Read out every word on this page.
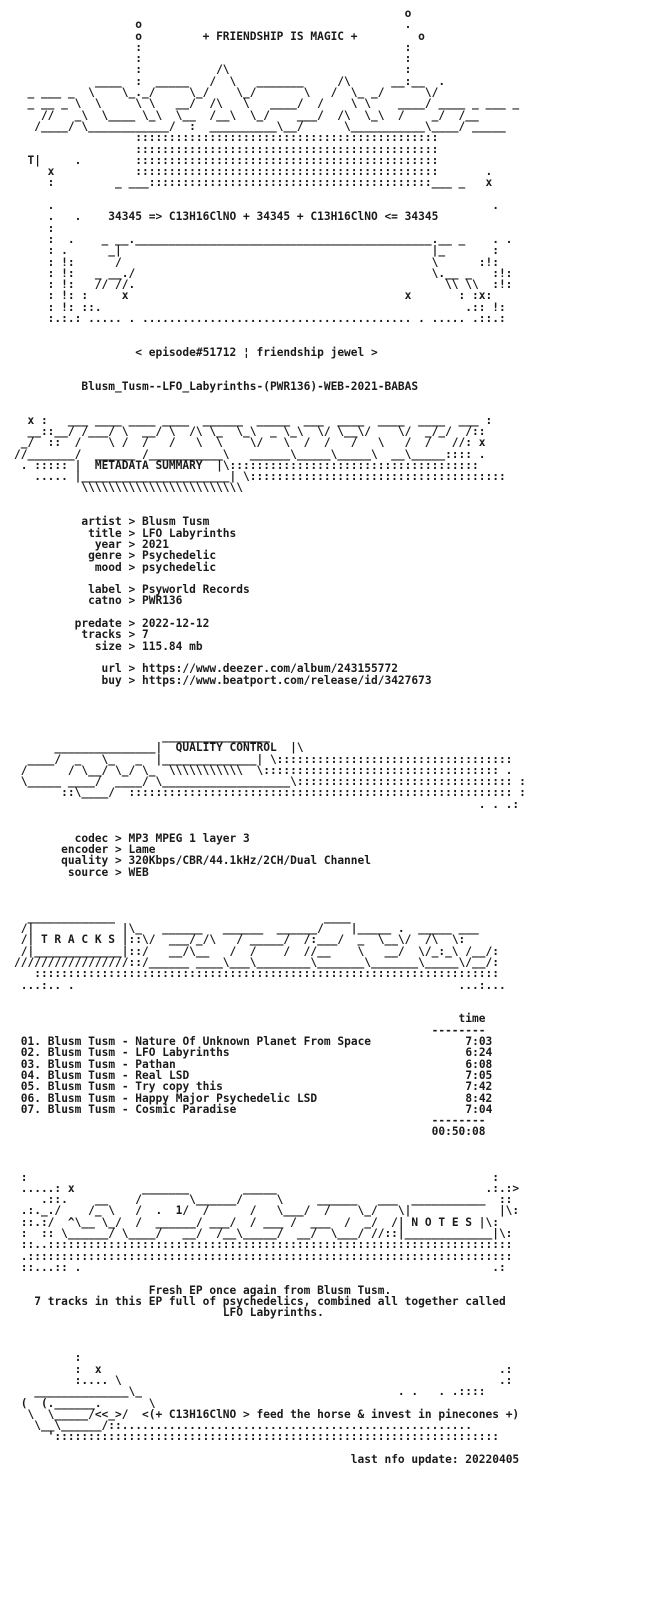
o
o                                       .
o         + FRIENDSHIP IS MAGIC +         o
:                                       :
:                                       :
:           /\                          :
____  :  _____   /  \   _______     /\      __:__  .
_ ___ _  \    \_._/     \_/    \_/       \   /  \_ _/      \/
_ __ _ \  \     \ \   __/  /\   \   ____/  /    \ \    ____/ ____ _ ___ _
//   _\  \____ \_\  \__  /__\  \_/    ___/  /\  \_\  /    _/  /__
/____/ \____________/  :  __________\__/      \___________\____/ _____
:::::::::::::::::::::::::::::::::::::::::::::
:::::::::::::::::::::::::::::::::::::::::::::
T|     .        :::::::::::::::::::::::::::::::::::::::::::::
x            :::::::::::::::::::::::::::::::::::::::::::::       .
:         _ ___::::::::::::::::::::::::::::::::::::::::::___ _   x

.                                                                 .
.   .    34345 => C13H16ClNO + 34345 + C13H16ClNO <= 34345
:
:  .    _ __.____________________________________________.__ _    . .
: .      _|                                              |_       :
: !:      /                                              \      :!:
: !:   _ __./                                            \.__ _   :!:
: !:   // //.                                              \\ \\  :!:
: !: :     x                                         x       : :x:
: !: ::.                                                      .:: !:
:.:.: ..... . ........................................ . ..... .::.:

< episode#51712 ¦ friendship jewel >

Blusm_Tusm--LFO_Labyrinths-(PWR136)-WEB-2021-BABAS

x :   ___ ____ ____ ____  ______  _____  ___  ____  ____  ____  ___ :
__::__/ /___/ \  __/ \  /\ \_  \_\  _ \_\  \/ \__\/    \/  _/_/  /::
_/  ::  /    \ /  /   /   \  \    \/   \  /  /   /   \   /  /   //: x
//_______/  ______ /___________\   ______\_____\_____\  __\_____:::: .
. ::::: |  METADATA SUMMARY  |\:::::::::::::::::::::::::::::::::::::
..... |______________________| \::::::::::::::::::::::::::::::::::::::
\\\\\\\\\\\\\\\\\\\\\\\\

artist > Blusm Tusm
title > LFO Labyrinths
year > 2021
genre > Psychedelic
mood > psychedelic

label > Psyworld Records
catno > PWR136

predate > 2022-12-12
tracks > 7
size > 115.84 mb

url > https://www.deezer.com/album/243155772
buy > https://www.beatport.com/release/id/3427673

________________
_______________|  QUALITY CONTROL  |\
____/  _   \_   _  |______________| \:::::::::::::::::::::::::::::::::::
/      / \__/ \_/ \_  \\\\\\\\\\\  \::::::::::::::::::::::::::::::::::: .
\_____ ____/  ____/ \___________________\:::::::::::::::::::::::::::::::: :
::\____/  ::::::::::::::::::::::::::::::::::::::::::::::::::::::::: :
. . .:

codec > MP3 MPEG 1 layer 3
encoder > Lame
quality > 320Kbps/CBR/44.1kHz/2CH/Dual Channel
source > WEB

_____________                               ____
/|             |\_   ______   ______  ______/    |_____ .  _____ ___
/| T R A C K S |::\/  ___/_/\   / _____/  /:___/  _  \__\/  /\  \:
/|_____________|::/   __/\__   /  /    /  //__    \   __/  \/_:_\ /__/:
/////////////////::/______ ____\___\________\_______\_______\_____\/__/:
:::::::::::::::::::::::::::::::::::::::::::::::::::::::::::::::::::::
...:.. .                                                         ...:...

time
--------
01. Blusm Tusm - Nature Of Unknown Planet From Space	7:03
02. Blusm Tusm - LFO Labyrinths	6:24
03. Blusm Tusm - Pathan	6:08
04. Blusm Tusm - Real LSD	7:05
05. Blusm Tusm - Try copy this	7:42
06. Blusm Tusm - Happy Major Psychedelic LSD	8:42
07. Blusm Tusm - Cosmic Paradise	7:04
--------
00:50:08

:                                                                     :
.....: x          _______        _____                               .:.:>
.::.    __    /       \______/     \     ______   ___  ___________  ::
.:._./    /_ \   /  .  1/  /      /   \___/  /    \_/   \|             |\:
::.:/  ^\__ \_/  /  ______/ ___/  / ___ /  ___  /  _/  /| N O T E S |\:
:  :: \______/ \____/   __/  /__\_____/  __/  \___/ //::|_____________|\:
::..:::::::::::::::::::::::::::::::::::::::::::::::::::::::::::::::::::::
.::::::::::::::::::::::::::::::::::::::::::::::::::::::::::::::::::::::::
::...:: .                                                             .:

Fresh EP once again from Blusm Tusm.
7 tracks in this EP full of psychedelics, combined all together called
LFO Labyrinths.

:
:  x                                                           .:
:.... \                                                        .:
______________\_                                      . .   . .::::
(  (.______.       \
\  \_____/<<_>/  <(+ C13H16ClNO > feed the horse & invest in pinecones +)
\__\______/::....................................................
'::::::::::::::::::::::::::::::::::::::::::::::::::::::::::::::::::

last nfo update: 20220405
